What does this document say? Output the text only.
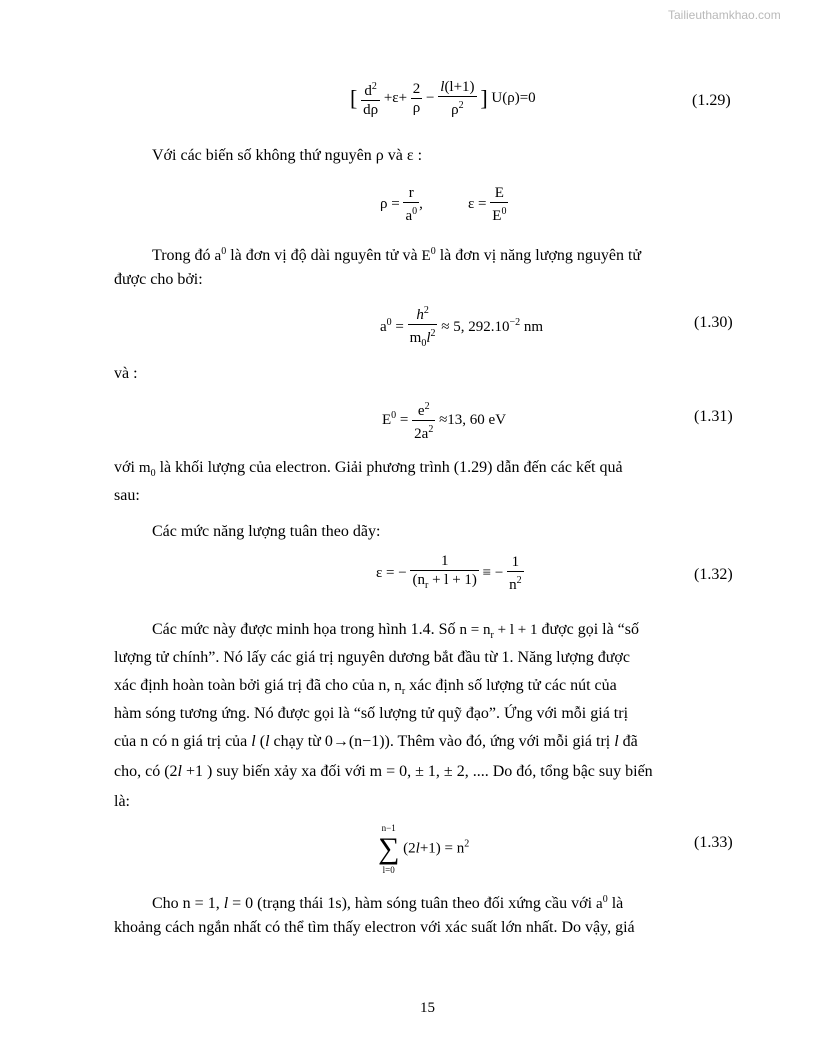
Tailieuthamkhao.com
[ $\frac{d^2}{d\rho} +\varepsilon+ \frac{2}{\rho} - \frac{l(l+1)}{\rho^2}$ ] U(ρ)=0	(1.29)
Với các biến số không thứ nguyên ρ và ε :
$\rho = \frac{r}{a^0}$ ,	$\varepsilon = \frac{E}{E^0}$
Trong đó $a^0$ là đơn vị độ dài nguyên tử và $E^0$ là đơn vị năng lượng nguyên tử
được cho bởi:
$a^0 = \frac{h^2}{m_0l^2} \approx 5$, $292.10^{-2}$ nm	(1.30)
và :
$E^0 = \frac{e^2}{2a^2} \approx 13$, 60 eV	(1.31)
với $m_0$ là khối lượng của electron. Giải phương trình (1.29) dẫn đến các kết quả
sau:
Các mức năng lượng tuân theo dãy:
ε = − $\frac{1}{(n_r + l + 1)}$ ≡ − $\frac{1}{n^2}$	(1.32)
Các mức này được minh họa trong hình 1.4. Số $n = n_r + l + 1$ được gọi là “số
lượng tử chính”. Nó lấy các giá trị nguyên dương bắt đầu từ 1. Năng lượng được
xác định hoàn toàn bởi giá trị đã cho của n, $n_r$ xác định số lượng tử các nút của
hàm sóng tương ứng. Nó được gọi là “số lượng tử quỹ đạo”. Ứng với mỗi giá trị
của n có n giá trị của l (l chạy từ 0→(n−1)). Thêm vào đó, ứng với mỗi giá trị l đã
cho, có (2l +1 ) suy biến xảy xa đối với m = 0, ± 1, ± 2, .... Do đó, tổng bậc suy biến
là:
n−1
∑
l=0
$(2l+1) = n^2$	(1.33)
Cho n = 1, l = 0 (trạng thái 1s), hàm sóng tuân theo đối xứng cầu với $a^0$ là
khoảng cách ngắn nhất có thể tìm thấy electron với xác suất lớn nhất. Do vậy, giá
15
